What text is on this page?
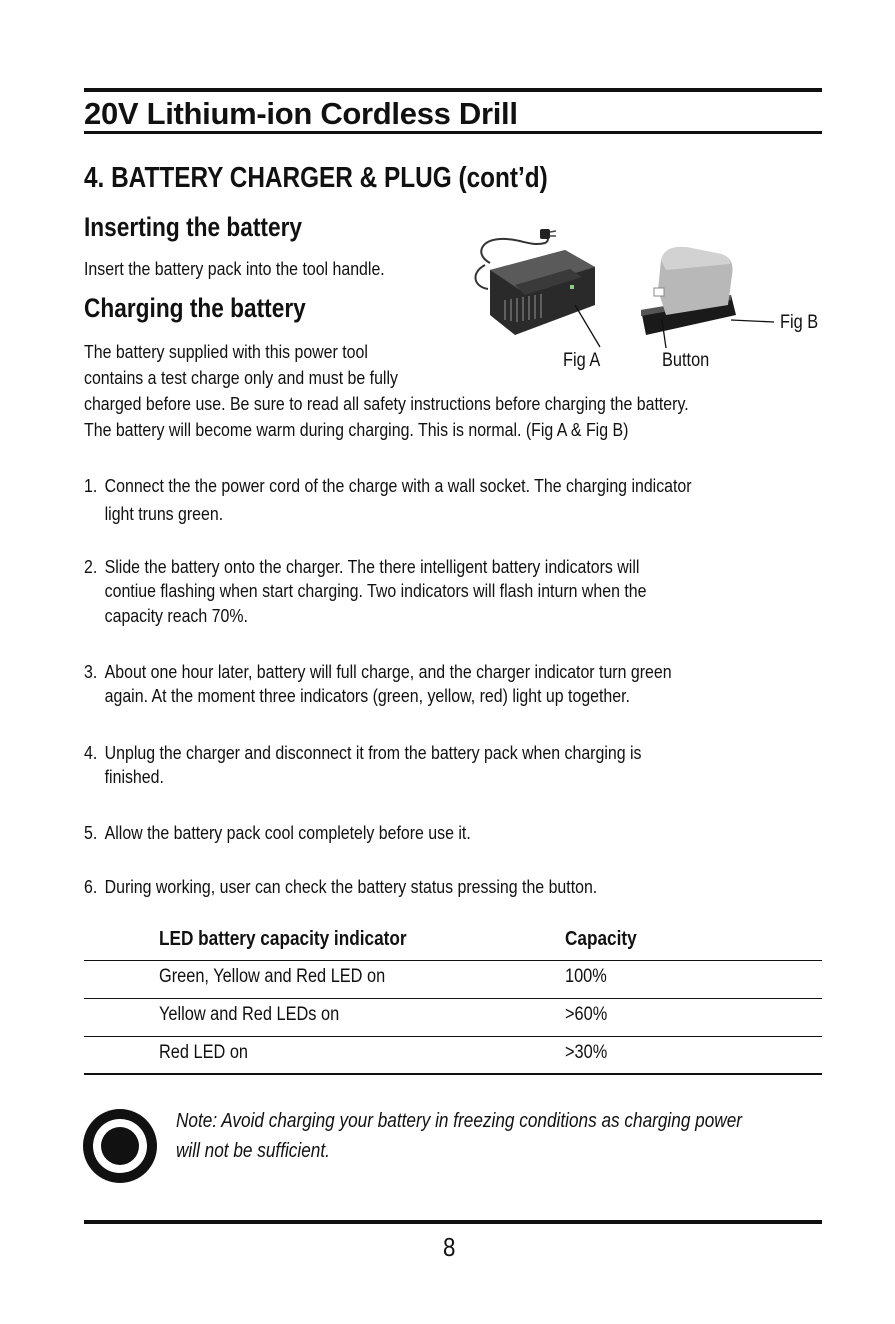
20V Lithium-ion Cordless Drill
4. BATTERY CHARGER & PLUG (cont’d)
Inserting the battery
Insert the battery pack into the tool handle.
Charging the battery
The battery supplied with this power tool
contains a test charge only and must be fully
charged before use. Be sure to read all safety instructions before charging the battery.
The battery will become warm during charging. This is normal. (Fig A & Fig B)
Fig A	Button
Fig B
1. Connect the the power cord of the charge with a wall socket. The charging indicator
light truns green.
2. Slide the battery onto the charger. The there intelligent battery indicators will
contiue flashing when start charging. Two indicators will flash inturn when the
capacity reach 70%.
3. About one hour later, battery will full charge, and the charger indicator turn green
again. At the moment three indicators (green, yellow, red) light up together.
4. Unplug the charger and disconnect it from the battery pack when charging is
finished.
5. Allow the battery pack cool completely before use it.
6. During working, user can check the battery status pressing the button.
LED battery capacity indicator	Capacity
Green, Yellow and Red LED on	100%
Yellow and Red LEDs on	>60%
Red LED on	>30%
Note: Avoid charging your battery in freezing conditions as charging power
will not be sufficient.
8
